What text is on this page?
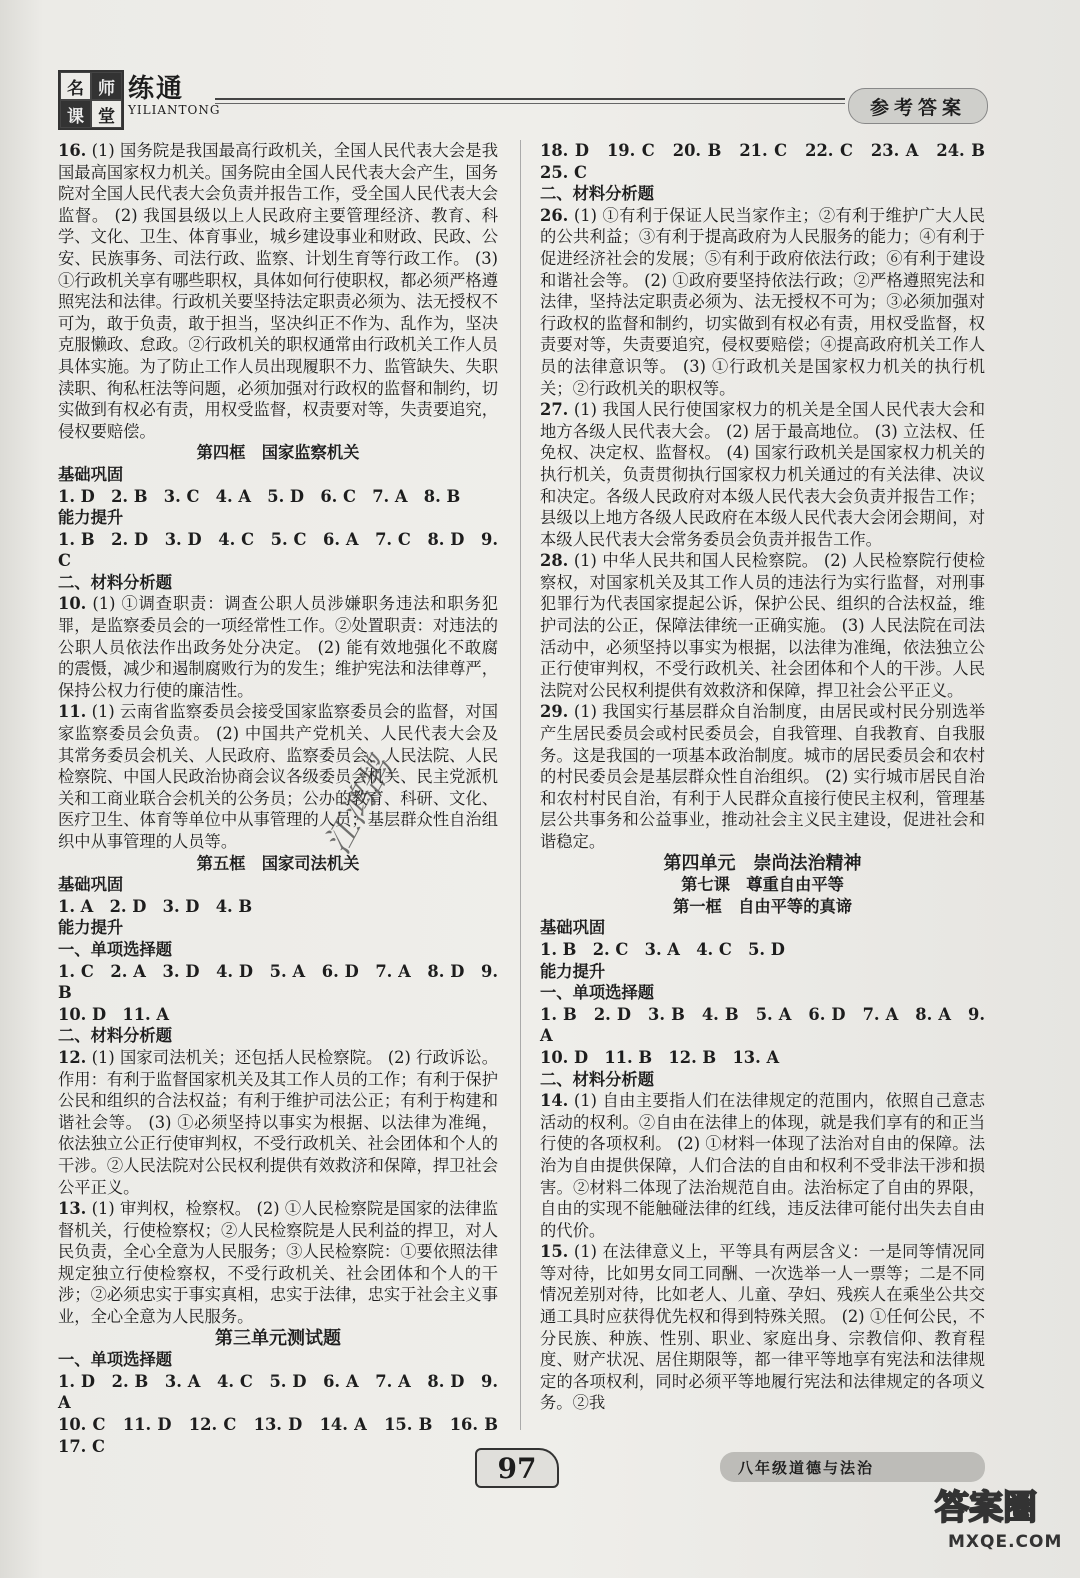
名 师
课 堂
练通
YILIANTONG	参考答案

16. (1) 国务院是我国最高行政机关，全国人民代表大会是我国最高国家权力机关。国务院由全国人民代表大会产生，国务院对全国人民代表大会负责并报告工作，受全国人民代表大会监督。 (2) 我国县级以上人民政府主要管理经济、教育、科学、文化、卫生、体育事业，城乡建设事业和财政、民政、公安、民族事务、司法行政、监察、计划生育等行政工作。 (3) ①行政机关享有哪些职权，具体如何行使职权，都必须严格遵照宪法和法律。行政机关要坚持法定职责必须为、法无授权不可为，敢于负责，敢于担当，坚决纠正不作为、乱作为，坚决克服懒政、怠政。②行政机关的职权通常由行政机关工作人员具体实施。为了防止工作人员出现履职不力、监管缺失、失职渎职、徇私枉法等问题，必须加强对行政权的监督和制约，切实做到有权必有责，用权受监督，权责要对等，失责要追究，侵权要赔偿。

第四框　国家监察机关

基础巩固

1. D　2. B　3. C　4. A　5. D　6. C　7. A　8. B

能力提升

1. B　2. D　3. D　4. C　5. C　6. A　7. C　8. D　9. C

二、材料分析题

10. (1) ①调查职责：调查公职人员涉嫌职务违法和职务犯罪，是监察委员会的一项经常性工作。②处置职责：对违法的公职人员依法作出政务处分决定。 (2) 能有效地强化不敢腐的震慑，减少和遏制腐败行为的发生；维护宪法和法律尊严，保持公权力行使的廉洁性。

11. (1) 云南省监察委员会接受国家监察委员会的监督，对国家监察委员会负责。 (2) 中国共产党机关、人民代表大会及其常务委员会机关、人民政府、监察委员会、人民法院、人民检察院、中国人民政治协商会议各级委员会机关、民主党派机关和工商业联合会机关的公务员；公办的教育、科研、文化、医疗卫生、体育等单位中从事管理的人员；基层群众性自治组织中从事管理的人员等。

第五框　国家司法机关

基础巩固

1. A　2. D　3. D　4. B

能力提升

一、单项选择题

1. C　2. A　3. D　4. D　5. A　6. D　7. A　8. D　9. B

10. D　11. A

二、材料分析题

12. (1) 国家司法机关；还包括人民检察院。 (2) 行政诉讼。作用：有利于监督国家机关及其工作人员的工作；有利于保护公民和组织的合法权益；有利于维护司法公正；有利于构建和谐社会等。 (3) ①必须坚持以事实为根据、以法律为准绳，依法独立公正行使审判权，不受行政机关、社会团体和个人的干涉。②人民法院对公民权利提供有效救济和保障，捍卫社会公平正义。

13. (1) 审判权，检察权。 (2) ①人民检察院是国家的法律监督机关，行使检察权；②人民检察院是人民利益的捍卫，对人民负责，全心全意为人民服务；③人民检察院：①要依照法律规定独立行使检察权，不受行政机关、社会团体和个人的干涉；②必须忠实于事实真相，忠实于法律，忠实于社会主义事业，全心全意为人民服务。

第三单元测试题

一、单项选择题

1. D　2. B　3. A　4. C　5. D　6. A　7. A　8. D　9. A

10. C　11. D　12. C　13. D　14. A　15. B　16. B　17. C

18. D　19. C　20. B　21. C　22. C　23. A　24. B　25. C

二、材料分析题

26. (1) ①有利于保证人民当家作主；②有利于维护广大人民的公共利益；③有利于提高政府为人民服务的能力；④有利于促进经济社会的发展；⑤有利于政府依法行政；⑥有利于建设和谐社会等。 (2) ①政府要坚持依法行政；②严格遵照宪法和法律，坚持法定职责必须为、法无授权不可为；③必须加强对行政权的监督和制约，切实做到有权必有责，用权受监督，权责要对等，失责要追究，侵权要赔偿；④提高政府机关工作人员的法律意识等。 (3) ①行政机关是国家权力机关的执行机关；②行政机关的职权等。

27. (1) 我国人民行使国家权力的机关是全国人民代表大会和地方各级人民代表大会。 (2) 居于最高地位。 (3) 立法权、任免权、决定权、监督权。 (4) 国家行政机关是国家权力机关的执行机关，负责贯彻执行国家权力机关通过的有关法律、决议和决定。各级人民政府对本级人民代表大会负责并报告工作；县级以上地方各级人民政府在本级人民代表大会闭会期间，对本级人民代表大会常务委员会负责并报告工作。

28. (1) 中华人民共和国人民检察院。 (2) 人民检察院行使检察权，对国家机关及其工作人员的违法行为实行监督，对刑事犯罪行为代表国家提起公诉，保护公民、组织的合法权益，维护司法的公正，保障法律统一正确实施。 (3) 人民法院在司法活动中，必须坚持以事实为根据，以法律为准绳，依法独立公正行使审判权，不受行政机关、社会团体和个人的干涉。人民法院对公民权利提供有效救济和保障，捍卫社会公平正义。

29. (1) 我国实行基层群众自治制度，由居民或村民分别选举产生居民委员会或村民委员会，自我管理、自我教育、自我服务。这是我国的一项基本政治制度。城市的居民委员会和农村的村民委员会是基层群众性自治组织。 (2) 实行城市居民自治和农村村民自治，有利于人民群众直接行使民主权利，管理基层公共事务和公益事业，推动社会主义民主建设，促进社会和谐稳定。

第四单元　崇尚法治精神

第七课　尊重自由平等

第一框　自由平等的真谛

基础巩固

1. B　2. C　3. A　4. C　5. D

能力提升

一、单项选择题

1. B　2. D　3. B　4. B　5. A　6. D　7. A　8. A　9. A

10. D　11. B　12. B　13. A

二、材料分析题

14. (1) 自由主要指人们在法律规定的范围内，依照自己意志活动的权利。②自由在法律上的体现，就是我们享有的和正当行使的各项权利。 (2) ①材料一体现了法治对自由的保障。法治为自由提供保障，人们合法的自由和权利不受非法干涉和损害。②材料二体现了法治规范自由。法治标定了自由的界限，自由的实现不能触碰法律的红线，违反法律可能付出失去自由的代价。

15. (1) 在法律意义上，平等具有两层含义：一是同等情况同等对待，比如男女同工同酬、一次选举一人一票等；二是不同情况差别对待，比如老人、儿童、孕妇、残疾人在乘坐公共交通工具时应获得优先权和得到特殊关照。 (2) ①任何公民，不分民族、种族、性别、职业、家庭出身、宗教信仰、教育程度、财产状况、居住期限等，都一律平等地享有宪法和法律规定的各项权利，同时必须平等地履行宪法和法律规定的各项义务。②我

江鸿鹄
97	八年级道德与法治
答案圈
MXQE.COM
